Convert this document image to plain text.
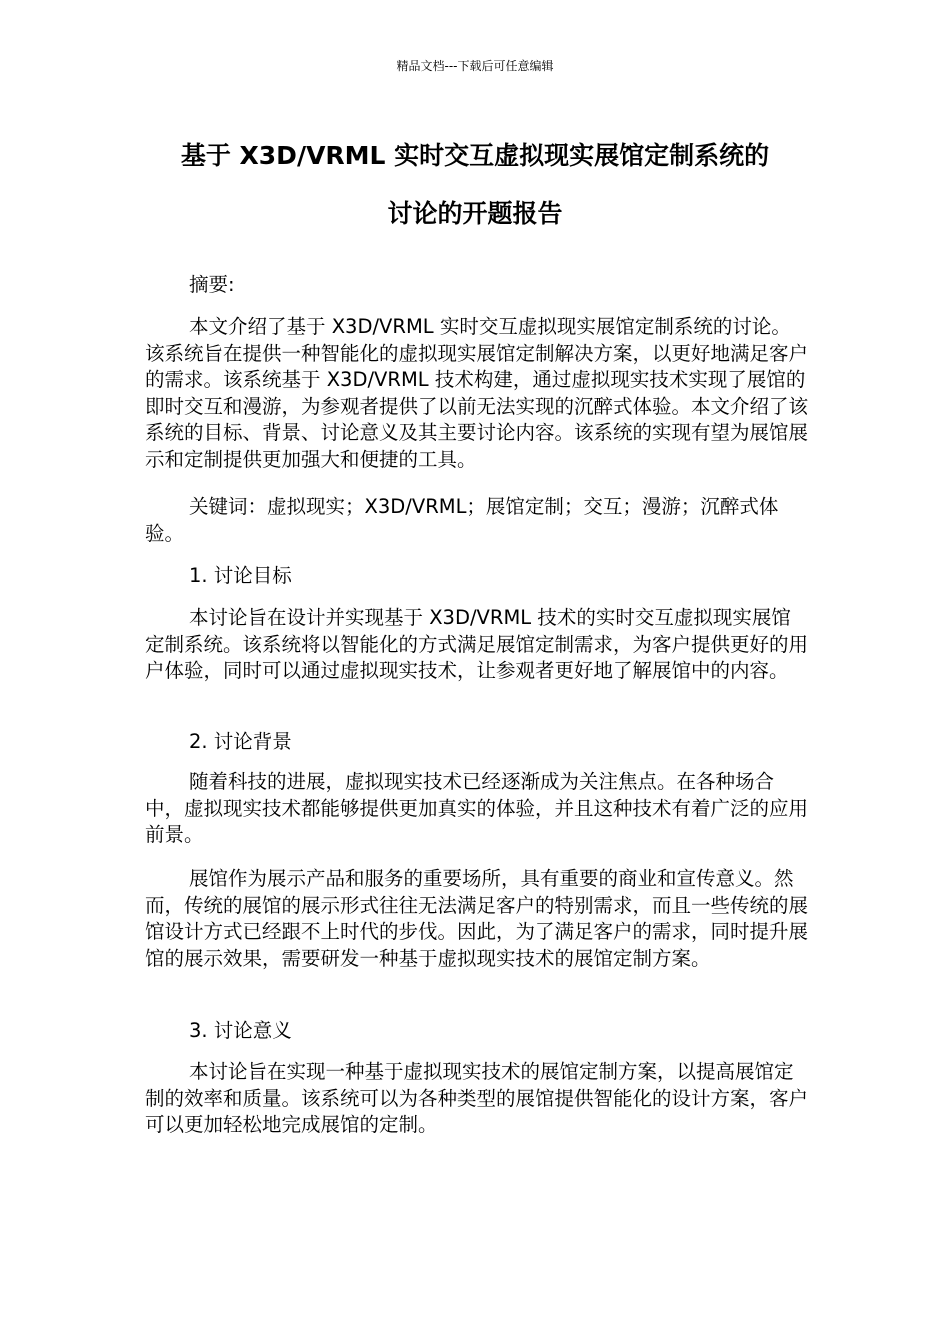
精品文档---下载后可任意编辑
基于 X3D/VRML 实时交互虚拟现实展馆定制系统的
讨论的开题报告

摘要:

本文介绍了基于 X3D/VRML 实时交互虚拟现实展馆定制系统的讨论。该系统旨在提供一种智能化的虚拟现实展馆定制解决方案，以更好地满足客户的需求。该系统基于 X3D/VRML 技术构建，通过虚拟现实技术实现了展馆的即时交互和漫游，为参观者提供了以前无法实现的沉醉式体验。本文介绍了该系统的目标、背景、讨论意义及其主要讨论内容。该系统的实现有望为展馆展示和定制提供更加强大和便捷的工具。

关键词：虚拟现实；X3D/VRML；展馆定制；交互；漫游；沉醉式体验。

1. 讨论目标

本讨论旨在设计并实现基于 X3D/VRML 技术的实时交互虚拟现实展馆定制系统。该系统将以智能化的方式满足展馆定制需求，为客户提供更好的用户体验，同时可以通过虚拟现实技术，让参观者更好地了解展馆中的内容。

2. 讨论背景

随着科技的进展，虚拟现实技术已经逐渐成为关注焦点。在各种场合中，虚拟现实技术都能够提供更加真实的体验，并且这种技术有着广泛的应用前景。

展馆作为展示产品和服务的重要场所，具有重要的商业和宣传意义。然而，传统的展馆的展示形式往往无法满足客户的特别需求，而且一些传统的展馆设计方式已经跟不上时代的步伐。因此，为了满足客户的需求，同时提升展馆的展示效果，需要研发一种基于虚拟现实技术的展馆定制方案。

3. 讨论意义

本讨论旨在实现一种基于虚拟现实技术的展馆定制方案，以提高展馆定制的效率和质量。该系统可以为各种类型的展馆提供智能化的设计方案，客户可以更加轻松地完成展馆的定制。
